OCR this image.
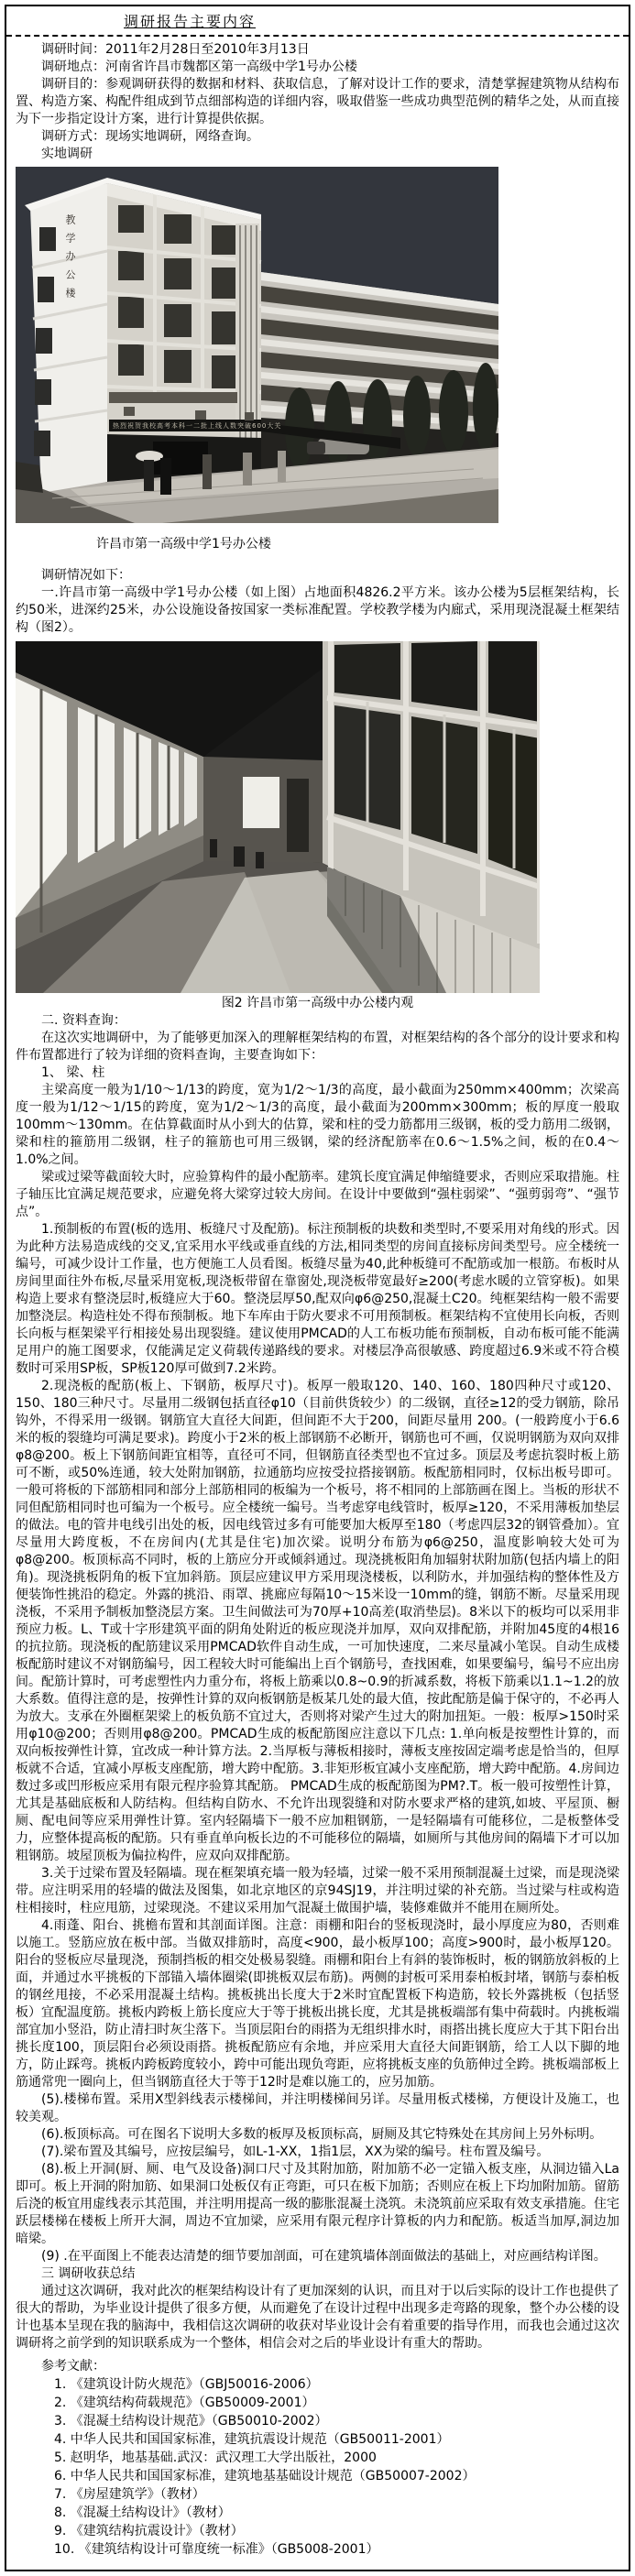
调研报告主要内容

调研时间：2011年2月28日至2010年3月13日

调研地点：河南省许昌市魏都区第一高级中学1号办公楼

调研目的：参观调研获得的数据和材料、获取信息，了解对设计工作的要求，清楚掌握建筑物从结构布置、构造方案、构配件组成到节点细部构造的详细内容，吸取借鉴一些成功典型范例的精华之处，从而直接为下一步指定设计方案，进行计算提供依据。

调研方式：现场实地调研，网络查询。

实地调研

教学办公楼
热烈祝贺我校高考本科一二批上线人数突破600大关

许昌市第一高级中学1号办公楼

调研情况如下：

一.许昌市第一高级中学1号办公楼（如上图）占地面积4826.2平方米。该办公楼为5层框架结构，长约50米，进深约25米，办公设施设备按国家一类标准配置。学校教学楼为内廊式，采用现浇混凝土框架结构（图2）。

图2 许昌市第一高级中办公楼内观

二. 资料查询：

在这次实地调研中，为了能够更加深入的理解框架结构的布置，对框架结构的各个部分的设计要求和构件布置都进行了较为详细的资料查询，主要查询如下：

1、 梁、柱

主梁高度一般为1/10～1/13的跨度，宽为1/2～1/3的高度，最小截面为250mm×400mm；次梁高度一般为1/12～1/15的跨度，宽为1/2～1/3的高度，最小截面为200mm×300mm；板的厚度一般取100mm～130mm。在估算截面时从小到大的估算，梁和柱的受力筋都用三级钢，板的受力筋用二级钢，梁和柱的箍筋用二级钢，柱子的箍筋也可用三级钢，梁的经济配筋率在0.6～1.5%之间，板的在0.4～1.0%之间。

梁或过梁等截面较大时，应验算构件的最小配筋率。建筑长度宜满足伸缩缝要求，否则应采取措施。柱子轴压比宜满足规范要求，应避免将大梁穿过较大房间。在设计中要做到“强柱弱梁”、“强剪弱弯”、“强节点”。

1.预制板的布置(板的选用、板缝尺寸及配筋)。标注预制板的块数和类型时,不要采用对角线的形式。因为此种方法易造成线的交叉,宜采用水平线或垂直线的方法,相同类型的房间直接标房间类型号。应全楼统一编号，可减少设计工作量，也方便施工人员看图。板缝尽量为40,此种板缝可不配筋或加一根筋。布板时从房间里面往外布板,尽量采用宽板,现浇板带留在靠窗处,现浇板带宽最好≥200(考虑水暖的立管穿板)。如果构造上要求有整浇层时,板缝应大于60。整浇层厚50,配双向φ6@250,混凝土C20。纯框架结构一般不需要加整浇层。构造柱处不得布预制板。地下车库由于防火要求不可用预制板。框架结构不宜使用长向板，否则长向板与框架梁平行相接处易出现裂缝。建议使用PMCAD的人工布板功能布预制板，自动布板可能不能满足用户的施工图要求，仅能满足定义荷载传递路线的要求。对楼层净高很敏感、跨度超过6.9米或不符合模数时可采用SP板，SP板120厚可做到7.2米跨。

2.现浇板的配筋(板上、下钢筋，板厚尺寸)。板厚一般取120、140、160、180四种尺寸或120、150、180三种尺寸。尽量用二级钢包括直径φ10（目前供货较少）的二级钢，直径≥12的受力钢筋，除吊钩外，不得采用一级钢。钢筋宜大直径大间距，但间距不大于200，间距尽量用 200。(一般跨度小于6.6米的板的裂缝均可满足要求)。跨度小于2米的板上部钢筋不必断开，钢筋也可不画，仅说明钢筋为双向双排φ8@200。板上下钢筋间距宜相等，直径可不同，但钢筋直径类型也不宜过多。顶层及考虑抗裂时板上筋可不断，或50%连通，较大处附加钢筋，拉通筋均应按受拉搭接钢筋。板配筋相同时，仅标出板号即可。一般可将板的下部筋相同和部分上部筋相同的板编为一个板号，将不相同的上部筋画在图上。当板的形状不同但配筋相同时也可编为一个板号。应全楼统一编号。当考虑穿电线管时，板厚≥120，不采用薄板加垫层的做法。电的管井电线引出处的板，因电线管过多有可能要加大板厚至180（考虑四层32的钢管叠加）。宜尽量用大跨度板，不在房间内(尤其是住宅)加次梁。说明分布筋为φ6@250，温度影响较大处可为φ8@200。板顶标高不同时，板的上筋应分开或倾斜通过。现浇挑板阳角加辐射状附加筋(包括内墙上的阳角)。现浇挑板阴角的板下宜加斜筋。顶层应建议甲方采用现浇楼板，以利防水，并加强结构的整体性及方便装饰性挑沿的稳定。外露的挑沿、雨罩、挑廊应每隔10～15米设一10mm的缝，钢筋不断。尽量采用现浇板，不采用予制板加整浇层方案。卫生间做法可为70厚+10高差(取消垫层)。8米以下的板均可以采用非预应力板。L、T或十字形建筑平面的阴角处附近的板应现浇并加厚，双向双排配筋，并附加45度的4根16的抗拉筋。现浇板的配筋建议采用PMCAD软件自动生成，一可加快速度，二来尽量减小笔误。自动生成楼板配筋时建议不对钢筋编号，因工程较大时可能编出上百个钢筋号，查找困难，如果要编号，编号不应出房间。配筋计算时，可考虑塑性内力重分布，将板上筋乘以0.8~0.9的折减系数，将板下筋乘以1.1~1.2的放大系数。值得注意的是，按弹性计算的双向板钢筋是板某几处的最大值，按此配筋是偏于保守的，不必再人为放大。支承在外圈框架梁上的板负筋不宜过大，否则将对梁产生过大的附加扭矩。一般：板厚>150时采用φ10@200；否则用φ8@200。PMCAD生成的板配筋图应注意以下几点: 1.单向板是按塑性计算的，而双向板按弹性计算，宜改成一种计算方法。2.当厚板与薄板相接时，薄板支座按固定端考虑是恰当的，但厚板就不合适，宜减小厚板支座配筋，增大跨中配筋。3.非矩形板宜减小支座配筋，增大跨中配筋。4.房间边数过多或凹形板应采用有限元程序验算其配筋。 PMCAD生成的板配筋图为PM?.T。板一般可按塑性计算，尤其是基础底板和人防结构。但结构自防水、不允许出现裂缝和对防水要求严格的建筑,如坡、平屋顶、橱厕、配电间等应采用弹性计算。室内轻隔墙下一般不应加粗钢筋，一是轻隔墙有可能移位，二是板整体受力，应整体提高板的配筋。只有垂直单向板长边的不可能移位的隔墙，如厕所与其他房间的隔墙下才可以加粗钢筋。坡屋顶板为偏拉构件，应双向双排配筋。

3.关于过梁布置及轻隔墙。现在框架填充墙一般为轻墙，过梁一般不采用预制混凝土过梁，而是现浇梁带。应注明采用的轻墙的做法及图集，如北京地区的京94SJ19，并注明过梁的补充筋。当过梁与柱或构造柱相接时，柱应甩筋，过梁现浇。不建议采用加气混凝土做围护墙，装修难做并不能用在厕所处。

4.雨蓬、阳台、挑檐布置和其剖面详图。注意：雨棚和阳台的竖板现浇时，最小厚度应为80，否则难以施工。竖筋应放在板中部。当做双排筋时，高度<900，最小板厚100；高度>900时，最小板厚120。阳台的竖板应尽量现浇，预制挡板的相交处极易裂缝。雨棚和阳台上有斜的装饰板时，板的钢筋放斜板的上面，并通过水平挑板的下部锚入墙体圈梁(即挑板双层布筋)。两侧的封板可采用泰柏板封堵，钢筋与泰柏板的钢丝甩接，不必采用混凝土结构。挑板挑出长度大于2米时宜配置板下构造筋，较长外露挑板（包括竖板）宜配温度筋。挑板内跨板上筋长度应大于等于挑板出挑长度，尤其是挑板端部有集中荷载时。内挑板端部宜加小竖沿，防止清扫时灰尘落下。当顶层阳台的雨搭为无组织排水时，雨搭出挑长度应大于其下阳台出挑长度100，顶层阳台必须设雨搭。挑板配筋应有余地，并应采用大直径大间距钢筋，给工人以下脚的地方，防止踩弯。挑板内跨板跨度较小，跨中可能出现负弯距，应将挑板支座的负筋伸过全跨。挑板端部板上筋通常兜一圈向上，但当钢筋直径大于等于12时是难以施工的，应另加筋。

(5).楼梯布置。采用X型斜线表示楼梯间，并注明楼梯间另详。尽量用板式楼梯，方便设计及施工，也较美观。

(6).板顶标高。可在图名下说明大多数的板厚及板顶标高，厨厕及其它特殊处在其房间上另外标明。

(7).梁布置及其编号，应按层编号，如L-1-XX，1指1层，XX为梁的编号。柱布置及编号。

(8).板上开洞(厨、厕、电气及设备)洞口尺寸及其附加筋，附加筋不必一定锚入板支座，从洞边锚入La即可。板上开洞的附加筋、如果洞口处板仅有正弯距，可只在板下加筋；否则应在板上下均加附加筋。留筋后浇的板宜用虚线表示其范围，并注明用提高一级的膨胀混凝土浇筑。未浇筑前应采取有效支承措施。住宅跃层楼梯在楼板上所开大洞，周边不宜加梁，应采用有限元程序计算板的内力和配筋。板适当加厚,洞边加暗梁。

(9) .在平面图上不能表达清楚的细节要加剖面，可在建筑墙体剖面做法的基础上，对应画结构详图。

三 调研收获总结

通过这次调研，我对此次的框架结构设计有了更加深刻的认识，而且对于以后实际的设计工作也提供了很大的帮助，为毕业设计提供了很多方便，从而避免了在设计过程中出现多走弯路的现象，整个办公楼的设计也基本呈现在我的脑海中，我相信这次调研的收获对毕业设计会有着重要的指导作用，而我也会通过这次调研将之前学到的知识联系成为一个整体，相信会对之后的毕业设计有重大的帮助。

参考文献：

1. 《建筑设计防火规范》（GBJ50016-2006）

2. 《建筑结构荷载规范》（GB50009-2001）

3. 《混凝土结构设计规范》（GB50010-2002）

4. 中华人民共和国国家标准，建筑抗震设计规范（GB50011-2001）

5. 赵明华，地基基础.武汉：武汉理工大学出版社，2000

6. 中华人民共和国国家标准，建筑地基基础设计规范（GB50007-2002）

7. 《房屋建筑学》（教材）

8. 《混凝土结构设计》（教材）

9. 《建筑结构抗震设计》（教材）

10. 《建筑结构设计可靠度统一标准》（GB5008-2001）
